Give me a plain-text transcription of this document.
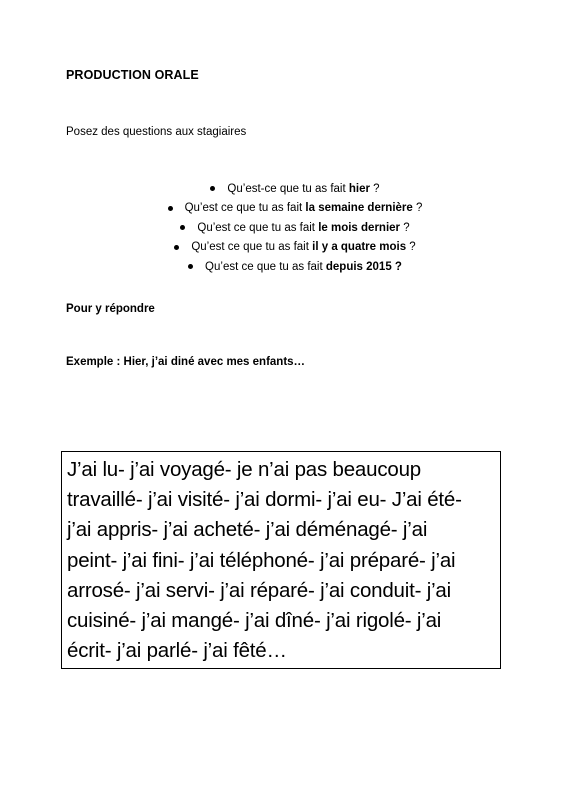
PRODUCTION ORALE
Posez des questions aux stagiaires
Qu’est-ce que tu as fait hier ?
Qu’est ce que tu as fait la semaine dernière ?
Qu’est ce que tu as fait le mois dernier ?
Qu’est ce que tu as fait il y a quatre mois ?
Qu’est ce que tu as fait depuis 2015 ?
Pour y répondre
Exemple : Hier, j’ai diné avec mes enfants…
J’ai lu- j’ai voyagé- je n’ai pas beaucoup
travaillé- j’ai visité- j’ai dormi- j’ai eu- J’ai été-
j’ai appris- j’ai acheté- j’ai déménagé- j’ai
peint- j’ai fini- j’ai téléphoné- j’ai préparé- j’ai
arrosé- j’ai servi- j’ai réparé- j’ai conduit- j’ai
cuisiné- j’ai mangé- j’ai dîné- j’ai rigolé- j’ai
écrit- j’ai parlé- j’ai fêté…
